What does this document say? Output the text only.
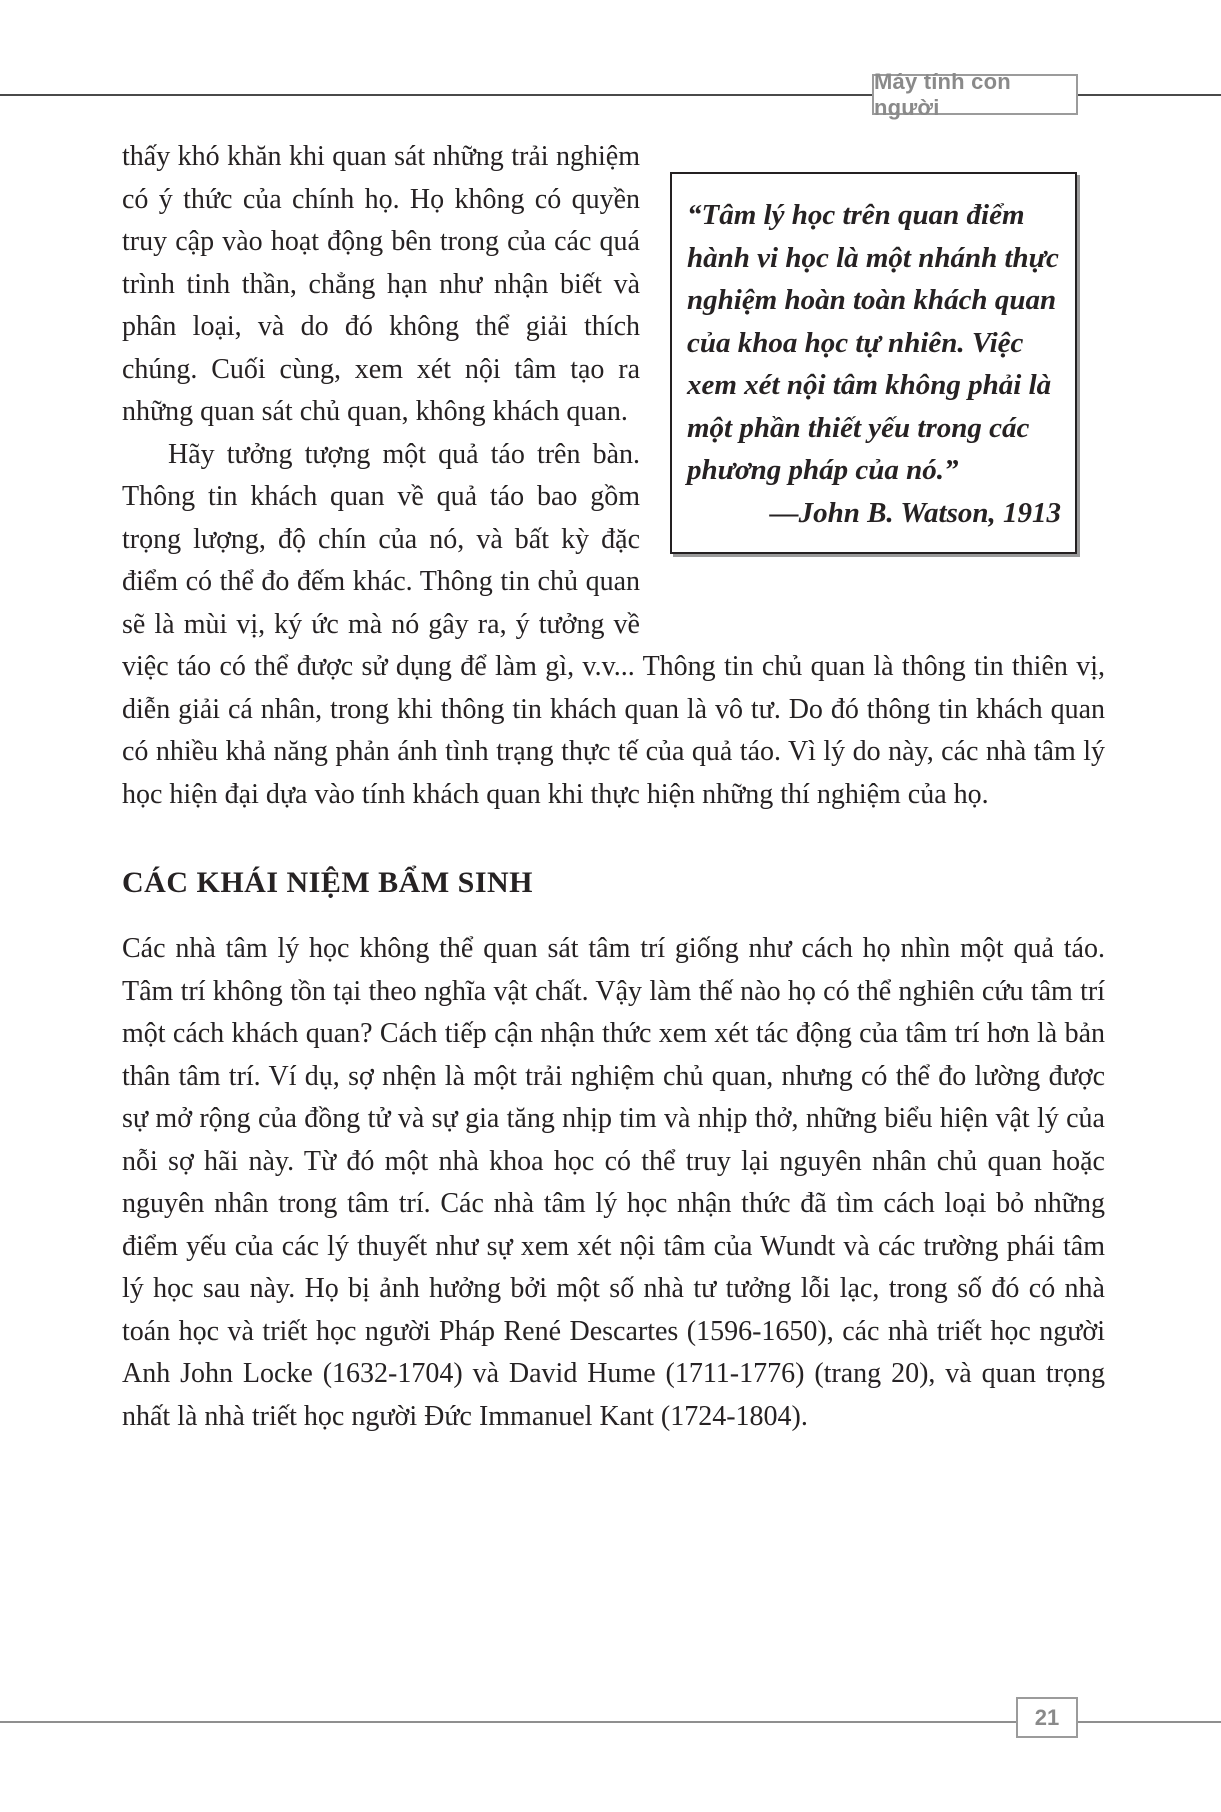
Máy tính con người

“Tâm lý học trên quan điểm hành vi học là một nhánh thực nghiệm hoàn toàn khách quan của khoa học tự nhiên. Việc xem xét nội tâm không phải là một phần thiết yếu trong các phương pháp của nó.”

—John B. Watson, 1913

thấy khó khăn khi quan sát những trải nghiệm có ý thức của chính họ. Họ không có quyền truy cập vào hoạt động bên trong của các quá trình tinh thần, chẳng hạn như nhận biết và phân loại, và do đó không thể giải thích chúng. Cuối cùng, xem xét nội tâm tạo ra những quan sát chủ quan, không khách quan.

Hãy tưởng tượng một quả táo trên bàn. Thông tin khách quan về quả táo bao gồm trọng lượng, độ chín của nó, và bất kỳ đặc điểm có thể đo đếm khác. Thông tin chủ quan sẽ là mùi vị, ký ức mà nó gây ra, ý tưởng về việc táo có thể được sử dụng để làm gì, v.v... Thông tin chủ quan là thông tin thiên vị, diễn giải cá nhân, trong khi thông tin khách quan là vô tư. Do đó thông tin khách quan có nhiều khả năng phản ánh tình trạng thực tế của quả táo. Vì lý do này, các nhà tâm lý học hiện đại dựa vào tính khách quan khi thực hiện những thí nghiệm của họ.

CÁC KHÁI NIỆM BẨM SINH

Các nhà tâm lý học không thể quan sát tâm trí giống như cách họ nhìn một quả táo. Tâm trí không tồn tại theo nghĩa vật chất. Vậy làm thế nào họ có thể nghiên cứu tâm trí một cách khách quan? Cách tiếp cận nhận thức xem xét tác động của tâm trí hơn là bản thân tâm trí. Ví dụ, sợ nhện là một trải nghiệm chủ quan, nhưng có thể đo lường được sự mở rộng của đồng tử và sự gia tăng nhịp tim và nhịp thở, những biểu hiện vật lý của nỗi sợ hãi này. Từ đó một nhà khoa học có thể truy lại nguyên nhân chủ quan hoặc nguyên nhân trong tâm trí. Các nhà tâm lý học nhận thức đã tìm cách loại bỏ những điểm yếu của các lý thuyết như sự xem xét nội tâm của Wundt và các trường phái tâm lý học sau này. Họ bị ảnh hưởng bởi một số nhà tư tưởng lỗi lạc, trong số đó có nhà toán học và triết học người Pháp René Descartes (1596-1650), các nhà triết học người Anh John Locke (1632-1704) và David Hume (1711-1776) (trang 20), và quan trọng nhất là nhà triết học người Đức Immanuel Kant (1724-1804).

21
